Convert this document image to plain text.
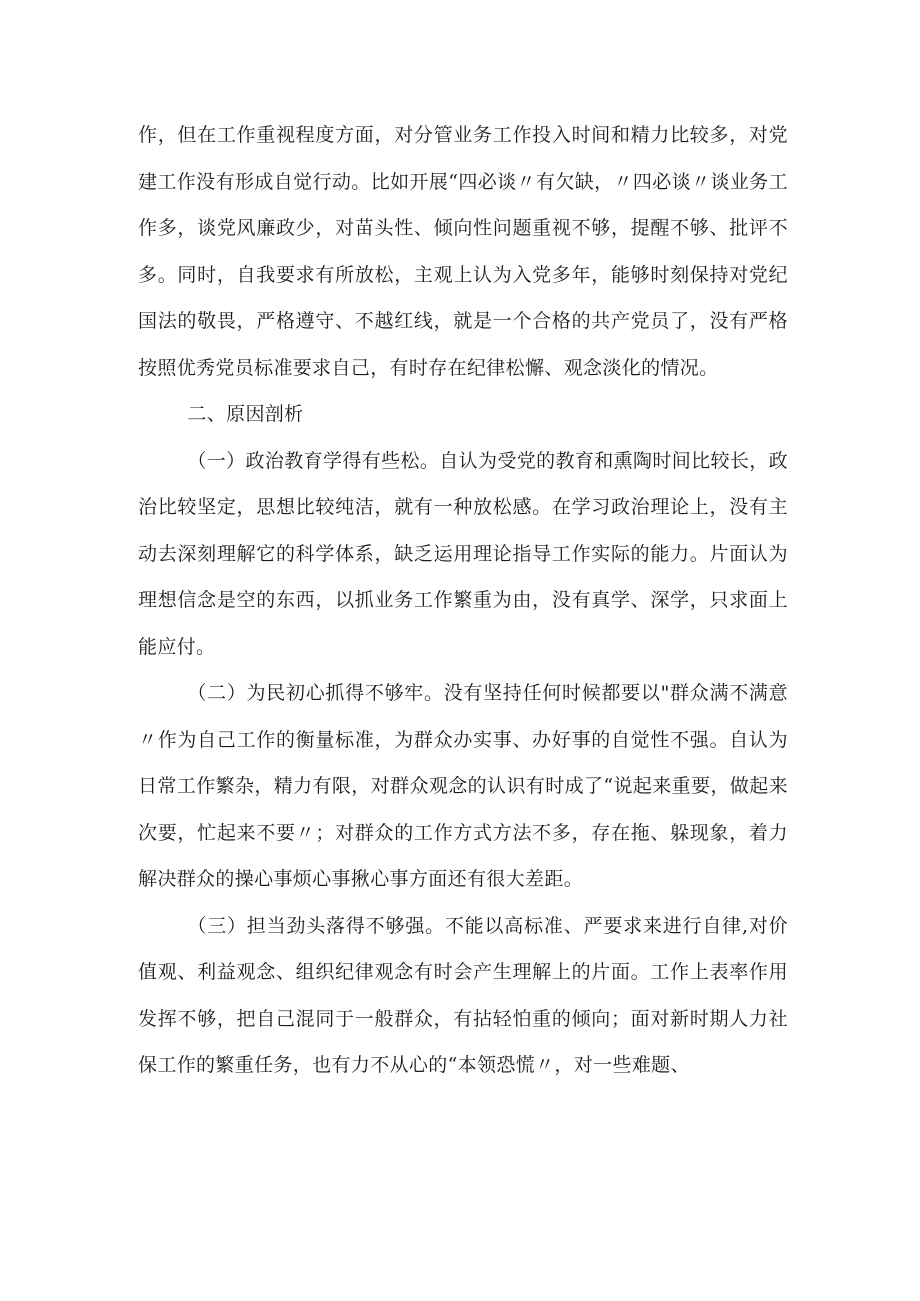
作，但在工作重视程度方面，对分管业务工作投入时间和精力比较多，对党建工作没有形成自觉行动。比如开展“四必谈〃有欠缺，〃四必谈〃谈业务工作多，谈党风廉政少，对苗头性、倾向性问题重视不够，提醒不够、批评不多。同时，自我要求有所放松，主观上认为入党多年，能够时刻保持对党纪国法的敬畏，严格遵守、不越红线，就是一个合格的共产党员了，没有严格按照优秀党员标准要求自己，有时存在纪律松懈、观念淡化的情况。

二、原因剖析

（一）政治教育学得有些松。自认为受党的教育和熏陶时间比较长，政治比较坚定，思想比较纯洁，就有一种放松感。在学习政治理论上，没有主动去深刻理解它的科学体系，缺乏运用理论指导工作实际的能力。片面认为理想信念是空的东西，以抓业务工作繁重为由，没有真学、深学，只求面上能应付。

（二）为民初心抓得不够牢。没有坚持任何时候都要以"群众满不满意〃作为自己工作的衡量标准，为群众办实事、办好事的自觉性不强。自认为日常工作繁杂，精力有限，对群众观念的认识有时成了“说起来重要，做起来次要，忙起来不要〃；对群众的工作方式方法不多，存在拖、躲现象，着力解决群众的操心事烦心事揪心事方面还有很大差距。

（三）担当劲头落得不够强。不能以高标准、严要求来进行自律,对价值观、利益观念、组织纪律观念有时会产生理解上的片面。工作上表率作用发挥不够，把自己混同于一般群众，有拈轻怕重的倾向；面对新时期人力社保工作的繁重任务，也有力不从心的“本领恐慌〃，对一些难题、
